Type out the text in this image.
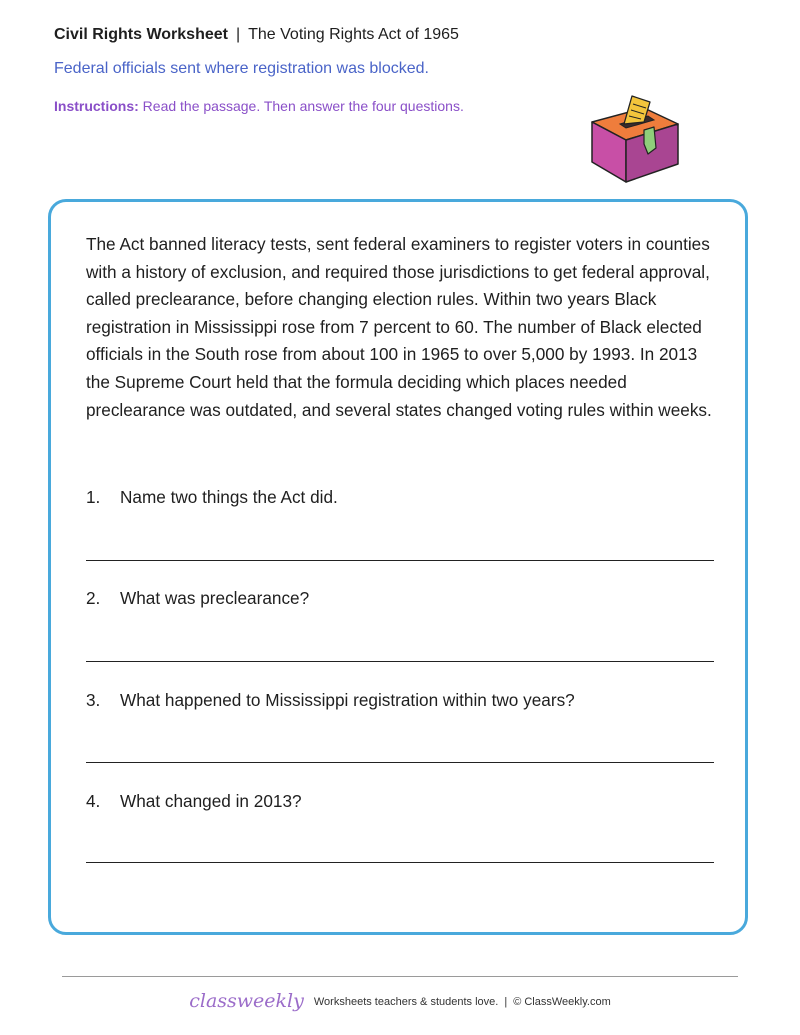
Civil Rights Worksheet | The Voting Rights Act of 1965
Federal officials sent where registration was blocked.
Instructions: Read the passage. Then answer the four questions.
The Act banned literacy tests, sent federal examiners to register voters in counties with a history of exclusion, and required those jurisdictions to get federal approval, called preclearance, before changing election rules. Within two years Black registration in Mississippi rose from 7 percent to 60. The number of Black elected officials in the South rose from about 100 in 1965 to over 5,000 by 1993. In 2013 the Supreme Court held that the formula deciding which places needed preclearance was outdated, and several states changed voting rules within weeks.
1. Name two things the Act did.
2. What was preclearance?
3. What happened to Mississippi registration within two years?
4. What changed in 2013?
classweekly Worksheets teachers & students love. | © ClassWeekly.com
